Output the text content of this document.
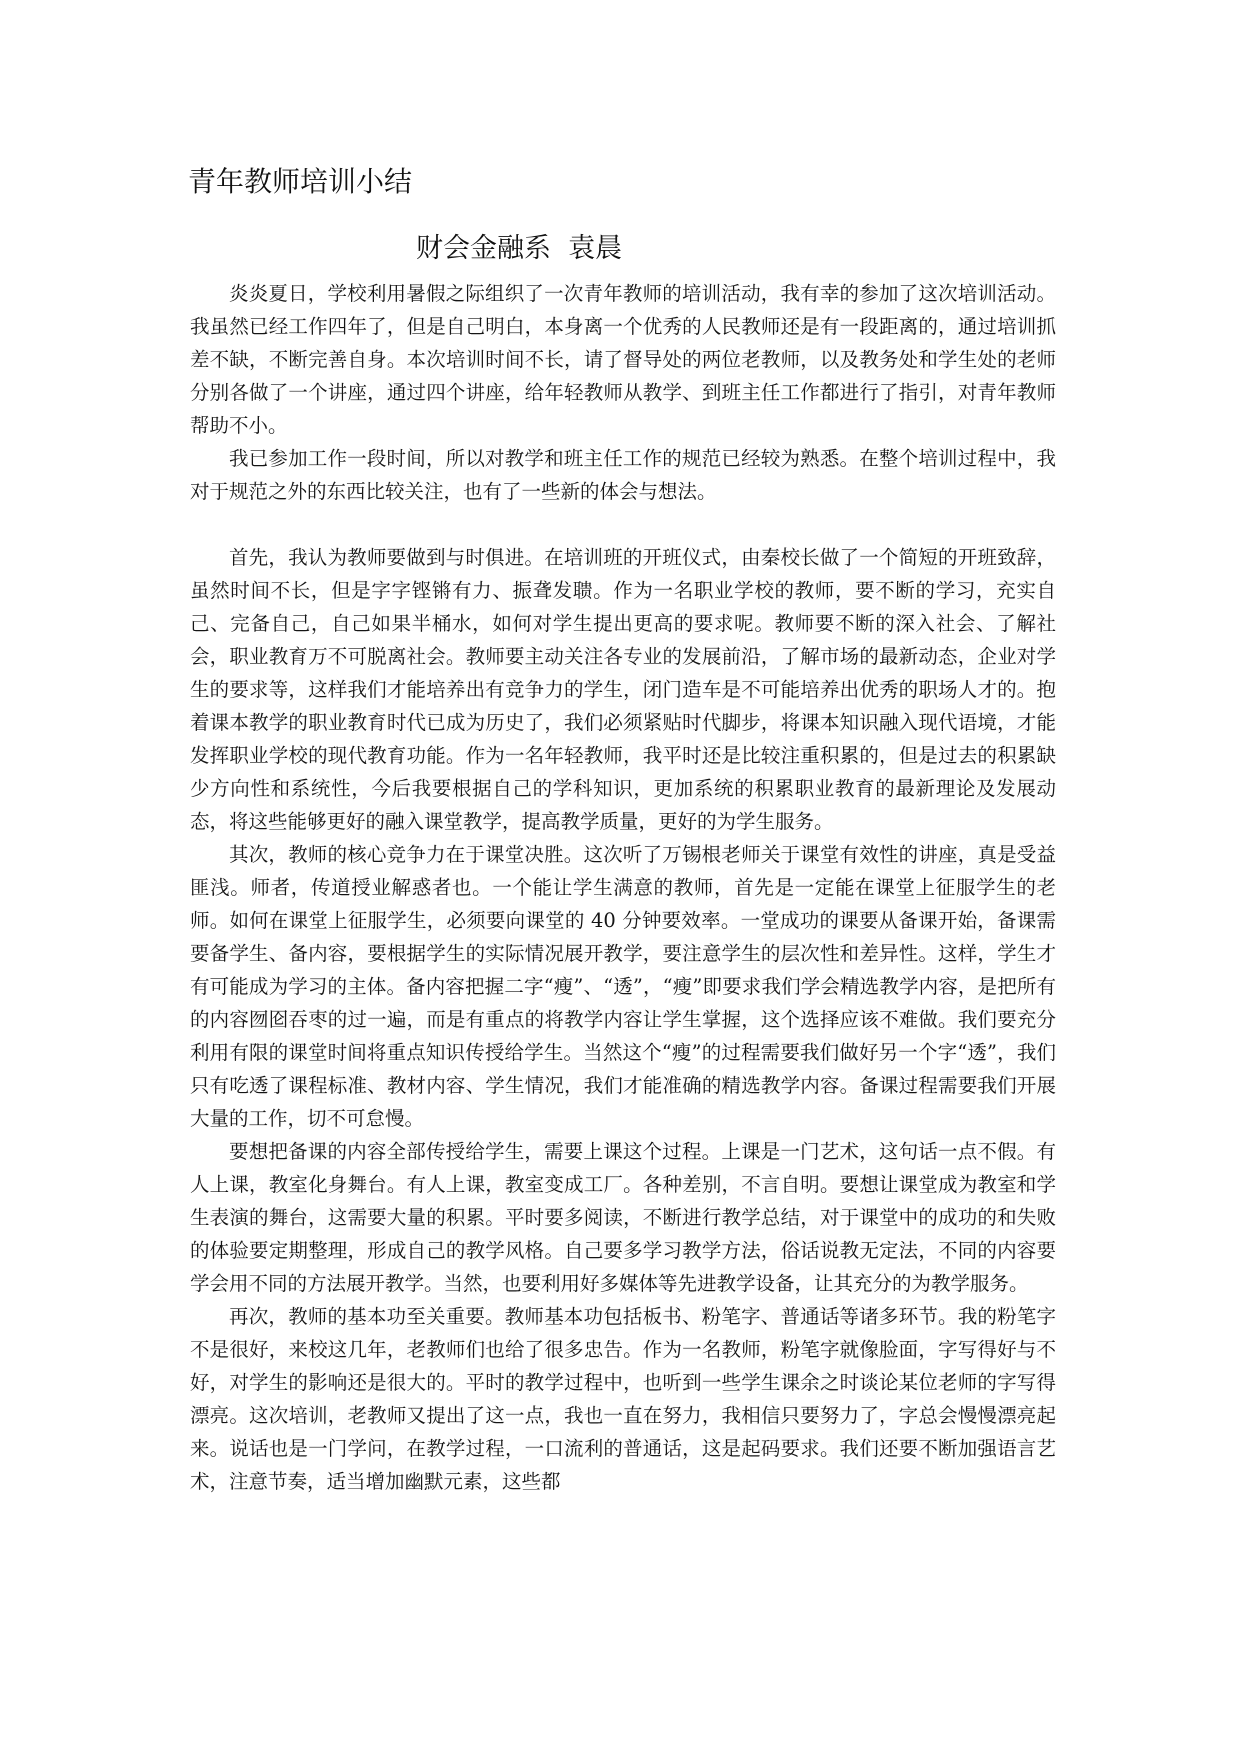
青年教师培训小结
财会金融系  袁晨

炎炎夏日，学校利用暑假之际组织了一次青年教师的培训活动，我有幸的参加了这次培训活动。我虽然已经工作四年了，但是自己明白，本身离一个优秀的人民教师还是有一段距离的，通过培训抓差不缺，不断完善自身。本次培训时间不长，请了督导处的两位老教师，以及教务处和学生处的老师分别各做了一个讲座，通过四个讲座，给年轻教师从教学、到班主任工作都进行了指引，对青年教师帮助不小。

我已参加工作一段时间，所以对教学和班主任工作的规范已经较为熟悉。在整个培训过程中，我对于规范之外的东西比较关注，也有了一些新的体会与想法。

首先，我认为教师要做到与时俱进。在培训班的开班仪式，由秦校长做了一个简短的开班致辞，虽然时间不长，但是字字铿锵有力、振聋发聩。作为一名职业学校的教师，要不断的学习，充实自己、完备自己，自己如果半桶水，如何对学生提出更高的要求呢。教师要不断的深入社会、了解社会，职业教育万不可脱离社会。教师要主动关注各专业的发展前沿，了解市场的最新动态，企业对学生的要求等，这样我们才能培养出有竞争力的学生，闭门造车是不可能培养出优秀的职场人才的。抱着课本教学的职业教育时代已成为历史了，我们必须紧贴时代脚步，将课本知识融入现代语境，才能发挥职业学校的现代教育功能。作为一名年轻教师，我平时还是比较注重积累的，但是过去的积累缺少方向性和系统性，今后我要根据自己的学科知识，更加系统的积累职业教育的最新理论及发展动态，将这些能够更好的融入课堂教学，提高教学质量，更好的为学生服务。

其次，教师的核心竞争力在于课堂决胜。这次听了万锡根老师关于课堂有效性的讲座，真是受益匪浅。师者，传道授业解惑者也。一个能让学生满意的教师，首先是一定能在课堂上征服学生的老师。如何在课堂上征服学生，必须要向课堂的 40 分钟要效率。一堂成功的课要从备课开始，备课需要备学生、备内容，要根据学生的实际情况展开教学，要注意学生的层次性和差异性。这样，学生才有可能成为学习的主体。备内容把握二字“瘦”、“透”，“瘦”即要求我们学会精选教学内容，是把所有的内容囫囵吞枣的过一遍，而是有重点的将教学内容让学生掌握，这个选择应该不难做。我们要充分利用有限的课堂时间将重点知识传授给学生。当然这个“瘦”的过程需要我们做好另一个字“透”，我们只有吃透了课程标准、教材内容、学生情况，我们才能准确的精选教学内容。备课过程需要我们开展大量的工作，切不可怠慢。

要想把备课的内容全部传授给学生，需要上课这个过程。上课是一门艺术，这句话一点不假。有人上课，教室化身舞台。有人上课，教室变成工厂。各种差别，不言自明。要想让课堂成为教室和学生表演的舞台，这需要大量的积累。平时要多阅读，不断进行教学总结，对于课堂中的成功的和失败的体验要定期整理，形成自己的教学风格。自己要多学习教学方法，俗话说教无定法，不同的内容要学会用不同的方法展开教学。当然，也要利用好多媒体等先进教学设备，让其充分的为教学服务。

再次，教师的基本功至关重要。教师基本功包括板书、粉笔字、普通话等诸多环节。我的粉笔字不是很好，来校这几年，老教师们也给了很多忠告。作为一名教师，粉笔字就像脸面，字写得好与不好，对学生的影响还是很大的。平时的教学过程中，也听到一些学生课余之时谈论某位老师的字写得漂亮。这次培训，老教师又提出了这一点，我也一直在努力，我相信只要努力了，字总会慢慢漂亮起来。说话也是一门学问，在教学过程，一口流利的普通话，这是起码要求。我们还要不断加强语言艺术，注意节奏，适当增加幽默元素，这些都
